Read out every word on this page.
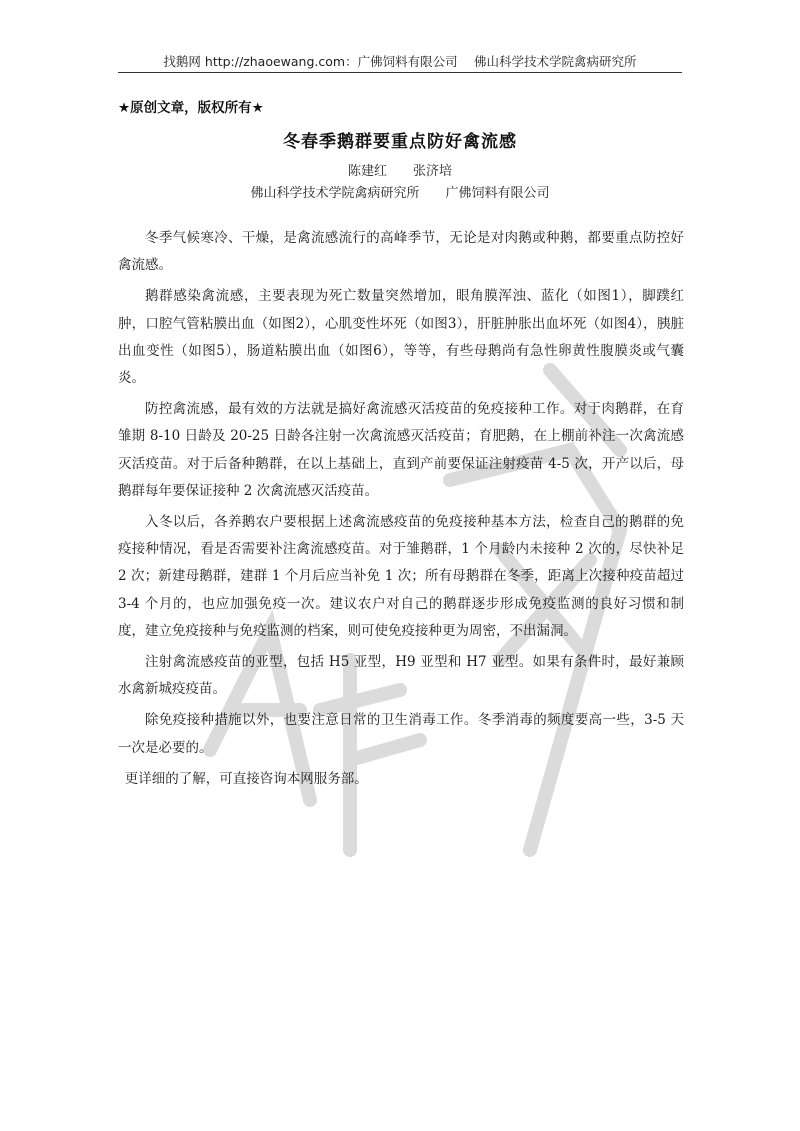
找鹅网 http://zhaoewang.com：广佛饲料有限公司　 佛山科学技术学院禽病研究所
★原创文章，版权所有★
冬春季鹅群要重点防好禽流感
陈建红 张济培
佛山科学技术学院禽病研究所 广佛饲料有限公司

冬季气候寒冷、干燥，是禽流感流行的高峰季节，无论是对肉鹅或种鹅，都要重点防控好禽流感。

鹅群感染禽流感，主要表现为死亡数量突然增加，眼角膜浑浊、蓝化（如图1），脚蹼红肿，口腔气管粘膜出血（如图2），心肌变性坏死（如图3），肝脏肿胀出血坏死（如图4），胰脏出血变性（如图5），肠道粘膜出血（如图6），等等，有些母鹅尚有急性卵黄性腹膜炎或气囊炎。

防控禽流感，最有效的方法就是搞好禽流感灭活疫苗的免疫接种工作。对于肉鹅群，在育雏期 8-10 日龄及 20-25 日龄各注射一次禽流感灭活疫苗；育肥鹅，在上棚前补注一次禽流感灭活疫苗。对于后备种鹅群，在以上基础上，直到产前要保证注射疫苗 4-5 次，开产以后，母鹅群每年要保证接种 2 次禽流感灭活疫苗。

入冬以后，各养鹅农户要根据上述禽流感疫苗的免疫接种基本方法，检查自己的鹅群的免疫接种情况，看是否需要补注禽流感疫苗。对于雏鹅群，1 个月龄内未接种 2 次的，尽快补足 2 次；新建母鹅群，建群 1 个月后应当补免 1 次；所有母鹅群在冬季，距离上次接种疫苗超过 3-4 个月的，也应加强免疫一次。建议农户对自己的鹅群逐步形成免疫监测的良好习惯和制度，建立免疫接种与免疫监测的档案，则可使免疫接种更为周密，不出漏洞。

注射禽流感疫苗的亚型，包括 H5 亚型，H9 亚型和 H7 亚型。如果有条件时，最好兼顾水禽新城疫疫苗。

除免疫接种措施以外，也要注意日常的卫生消毒工作。冬季消毒的频度要高一些，3-5 天一次是必要的。

更详细的了解，可直接咨询本网服务部。
